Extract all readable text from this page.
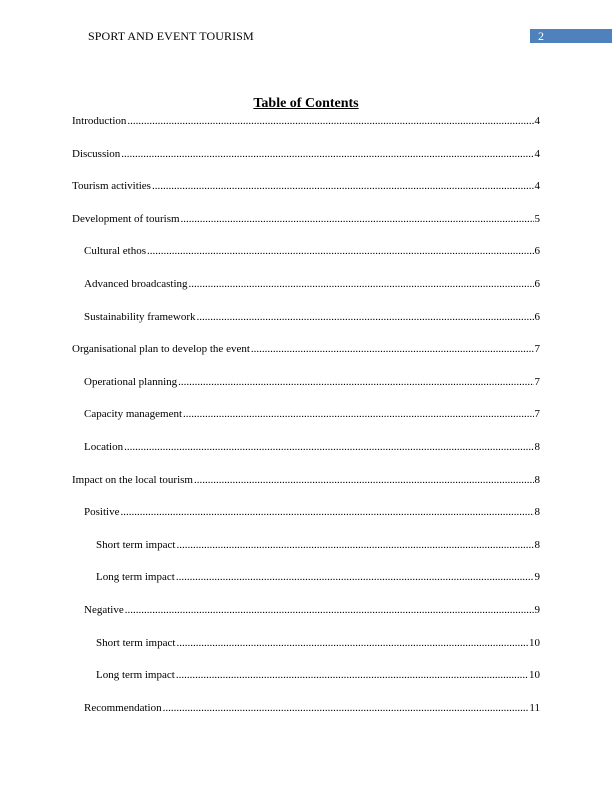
SPORT AND EVENT TOURISM	2
Table of Contents
Introduction .....	4
Discussion .....	4
Tourism activities .....	4
Development of tourism .....	5
Cultural ethos .....	6
Advanced broadcasting .....	6
Sustainability framework .....	6
Organisational plan to develop the event .....	7
Operational planning .....	7
Capacity management .....	7
Location .....	8
Impact on the local tourism .....	8
Positive .....	8
Short term impact .....	8
Long term impact .....	9
Negative .....	9
Short term impact .....	10
Long term impact .....	10
Recommendation .....	11
